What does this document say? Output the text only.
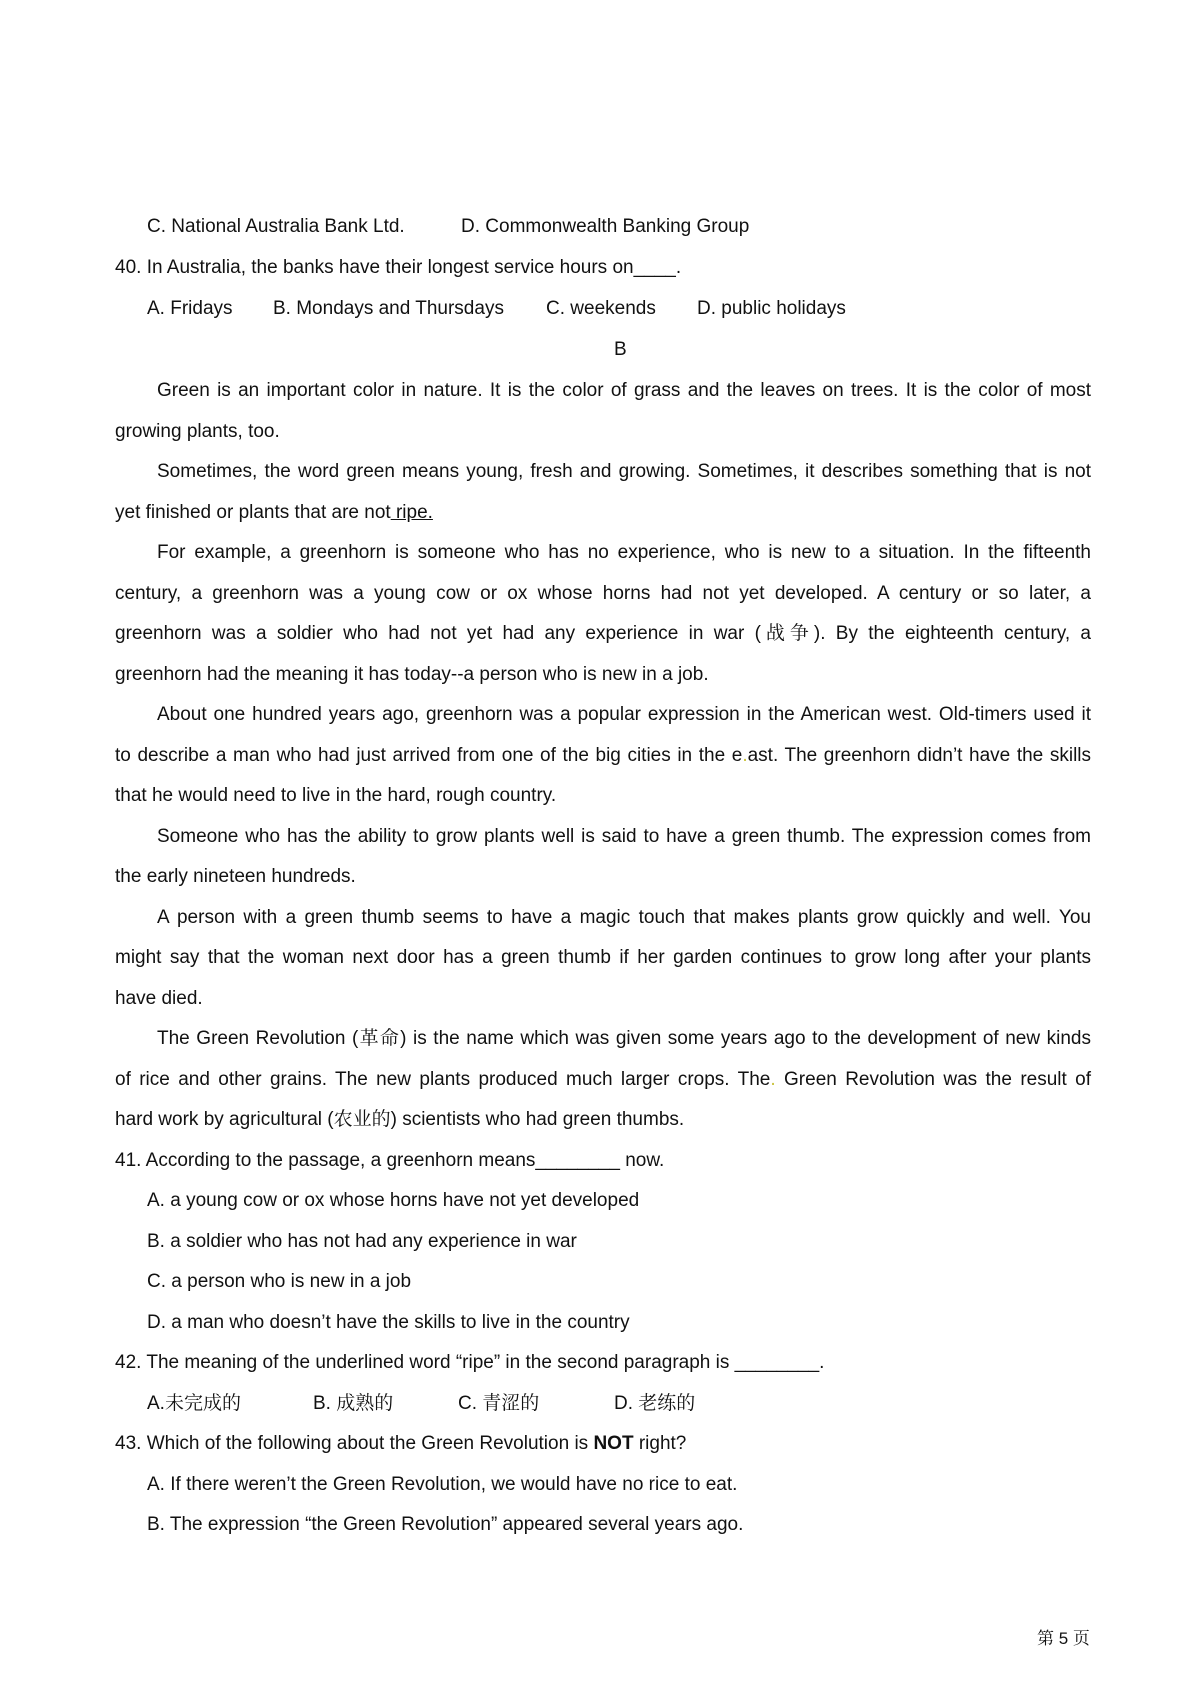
C. National Australia Bank Ltd.	D. Commonwealth Banking Group
40. In Australia, the banks have their longest service hours on____.
A. Fridays B. Mondays and Thursdays C. weekends D. public holidays
B
Green is an important color in nature. It is the color of grass and the leaves on trees. It is the color of most
growing plants, too.
Sometimes, the word green means young, fresh and growing. Sometimes, it describes something that is not
yet finished or plants that are not ripe.
For example, a greenhorn is someone who has no experience, who is new to a situation. In the fifteenth
century, a greenhorn was a young cow or ox whose horns had not yet developed. A century or so later, a
greenhorn was a soldier who had not yet had any experience in war (战争). By the eighteenth century, a
greenhorn had the meaning it has today--a person who is new in a job.
About one hundred years ago, greenhorn was a popular expression in the American west. Old-timers used it
to describe a man who had just arrived from one of the big cities in the e.ast. The greenhorn didn’t have the skills
that he would need to live in the hard, rough country.
Someone who has the ability to grow plants well is said to have a green thumb. The expression comes from
the early nineteen hundreds.
A person with a green thumb seems to have a magic touch that makes plants grow quickly and well. You
might say that the woman next door has a green thumb if her garden continues to grow long after your plants
have died.
The Green Revolution (革命) is the name which was given some years ago to the development of new kinds
of rice and other grains. The new plants produced much larger crops. The. Green Revolution was the result of
hard work by agricultural (农业的) scientists who had green thumbs.
41. According to the passage, a greenhorn means________ now.
A. a young cow or ox whose horns have not yet developed
B. a soldier who has not had any experience in war
C. a person who is new in a job
D. a man who doesn’t have the skills to live in the country
42. The meaning of the underlined word “ripe” in the second paragraph is ________.
A.未完成的	B. 成熟的	C. 青涩的	D. 老练的
43. Which of the following about the Green Revolution is NOT right?
A. If there weren’t the Green Revolution, we would have no rice to eat.
B. The expression “the Green Revolution” appeared several years ago.
第 5 页
